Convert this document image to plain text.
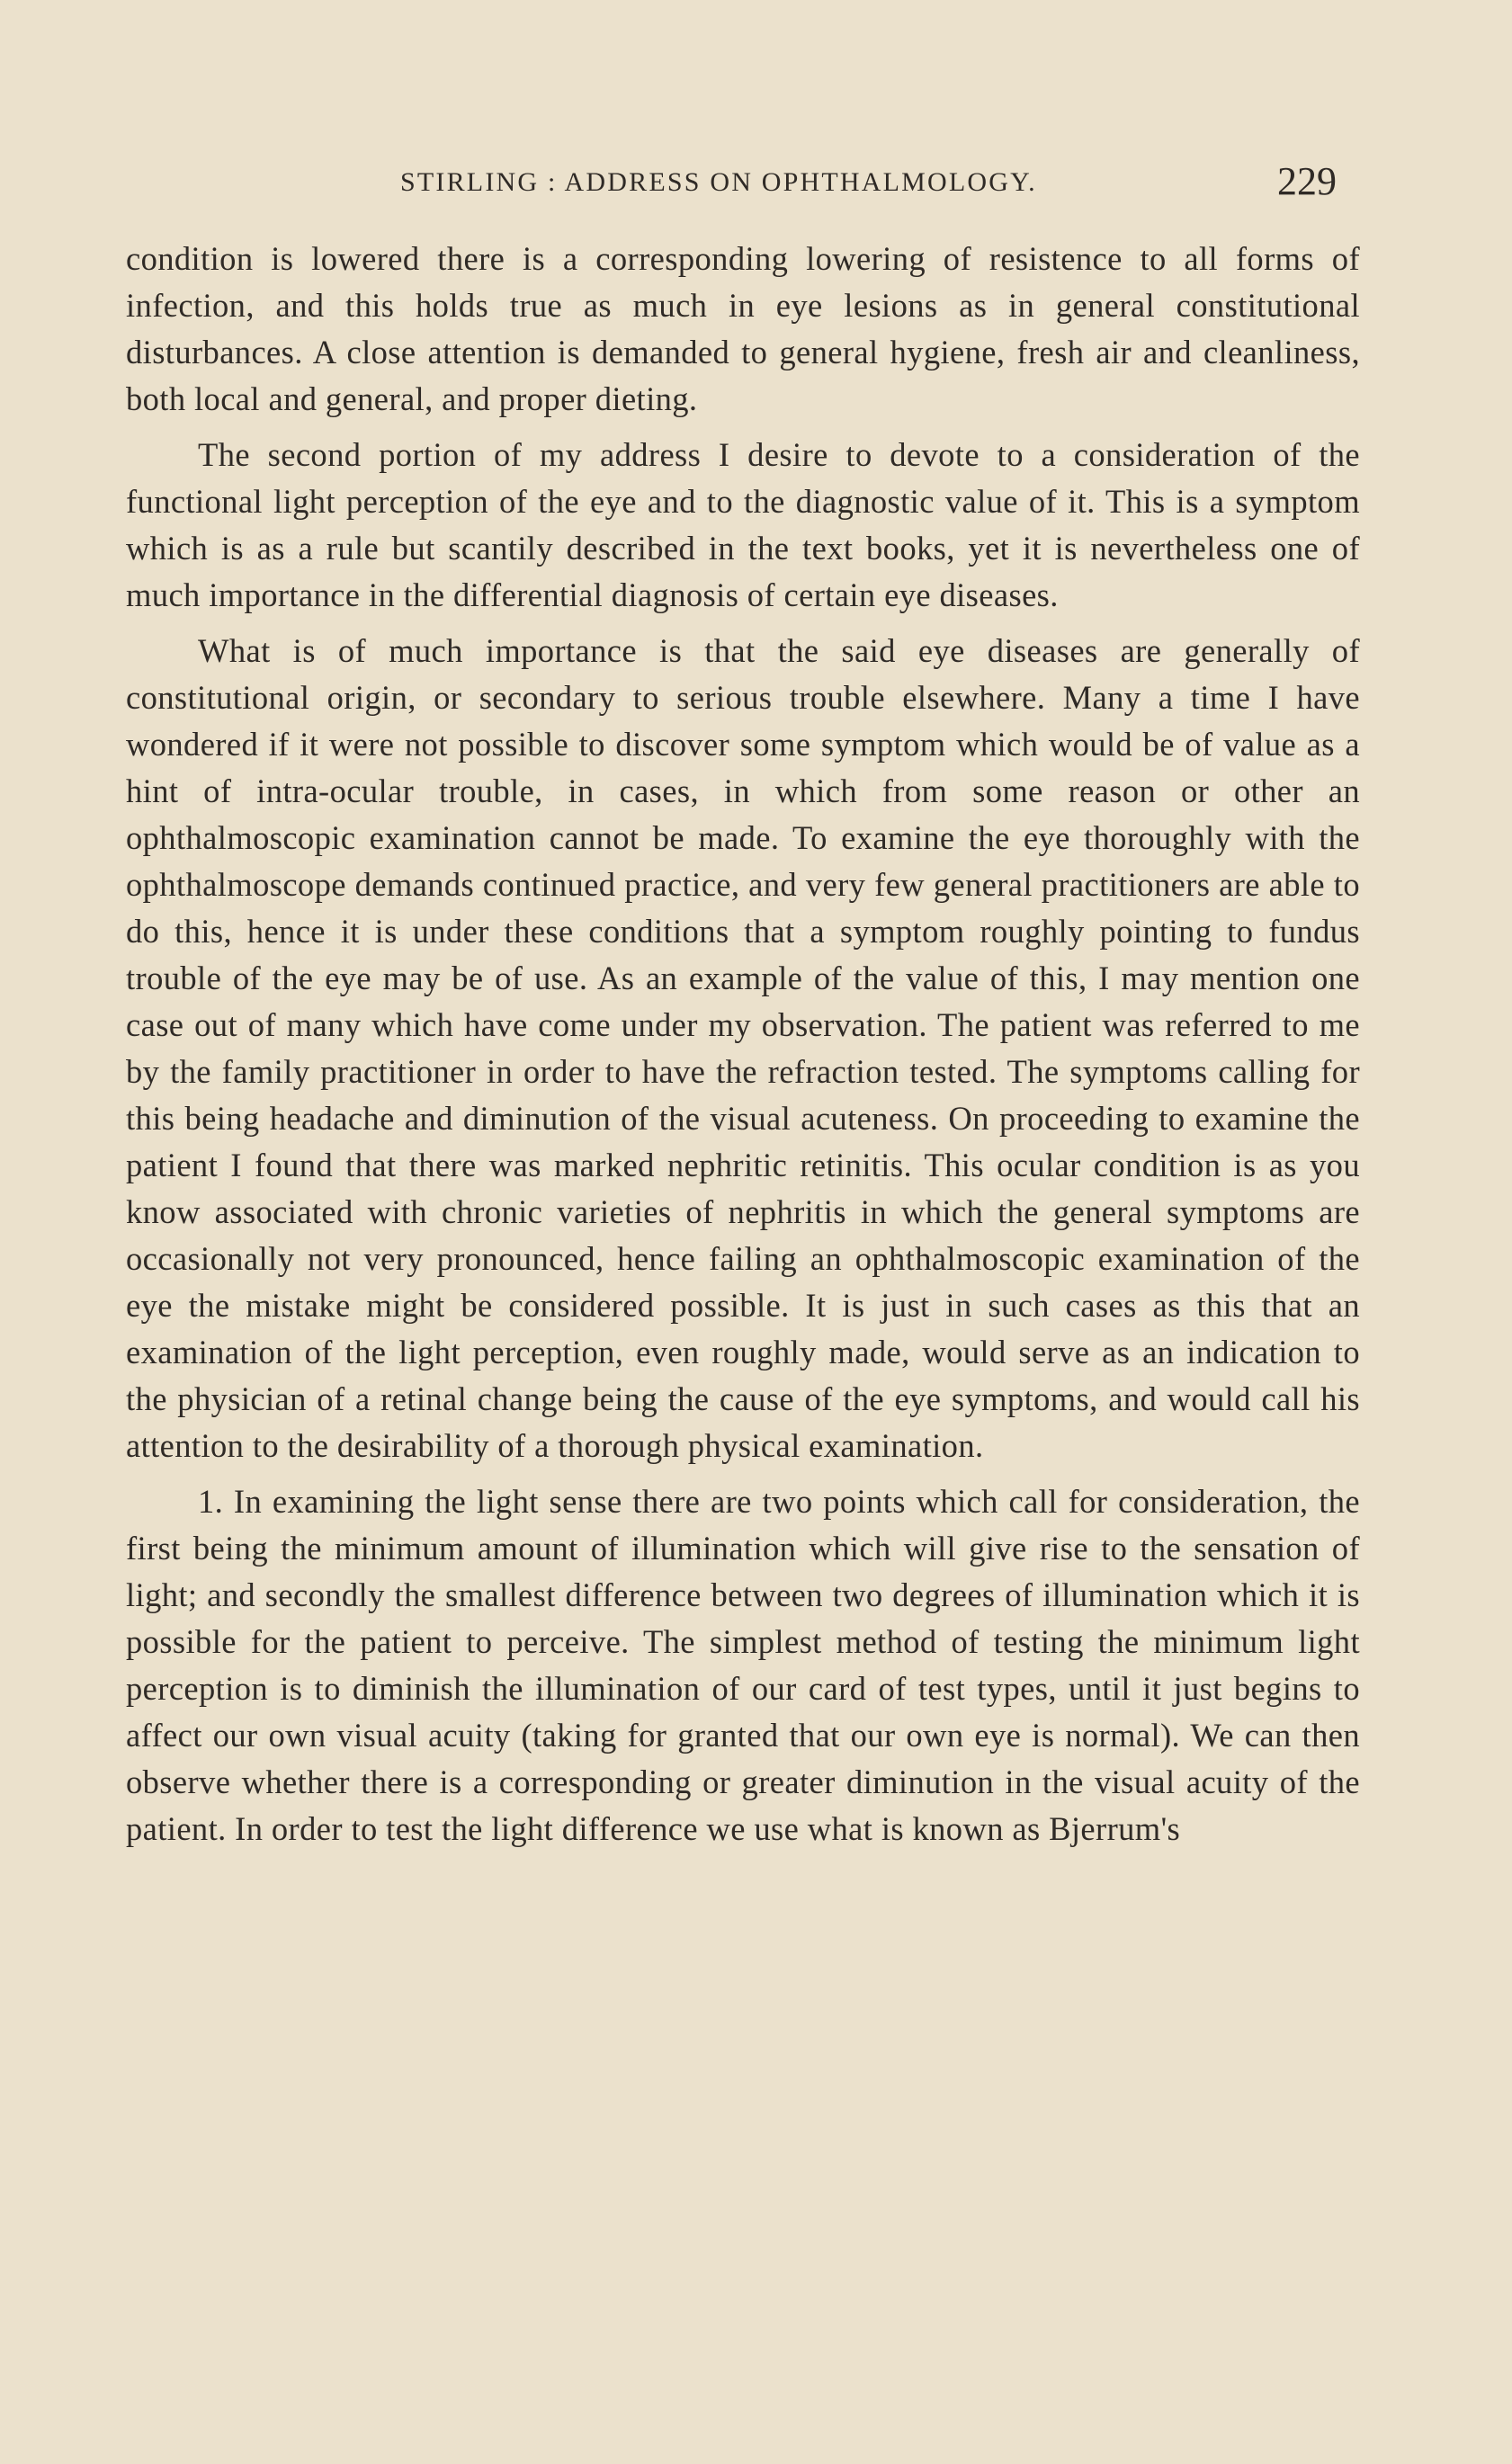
STIRLING : ADDRESS ON OPHTHALMOLOGY.	229

condition is lowered there is a corresponding lowering of resistence to all forms of infection, and this holds true as much in eye lesions as in general constitutional disturbances. A close attention is demanded to general hygiene, fresh air and cleanliness, both local and general, and proper dieting.

The second portion of my address I desire to devote to a consideration of the functional light perception of the eye and to the diagnostic value of it. This is a symptom which is as a rule but scantily described in the text books, yet it is nevertheless one of much importance in the differential diagnosis of certain eye diseases.

What is of much importance is that the said eye diseases are generally of constitutional origin, or secondary to serious trouble elsewhere. Many a time I have wondered if it were not possible to discover some symptom which would be of value as a hint of intra-ocular trouble, in cases, in which from some reason or other an ophthalmoscopic examination cannot be made. To examine the eye thoroughly with the ophthalmoscope demands continued practice, and very few general practitioners are able to do this, hence it is under these conditions that a symptom roughly pointing to fundus trouble of the eye may be of use. As an example of the value of this, I may mention one case out of many which have come under my observation. The patient was referred to me by the family practitioner in order to have the refraction tested. The symptoms calling for this being headache and diminution of the visual acuteness. On proceeding to examine the patient I found that there was marked nephritic retinitis. This ocular condition is as you know associated with chronic varieties of nephritis in which the general symptoms are occasionally not very pronounced, hence failing an ophthalmoscopic examination of the eye the mistake might be considered possible. It is just in such cases as this that an examination of the light perception, even roughly made, would serve as an indication to the physician of a retinal change being the cause of the eye symptoms, and would call his attention to the desirability of a thorough physical examination.

1. In examining the light sense there are two points which call for consideration, the first being the minimum amount of illumination which will give rise to the sensation of light; and secondly the smallest difference between two degrees of illumination which it is possible for the patient to perceive. The simplest method of testing the minimum light perception is to diminish the illumination of our card of test types, until it just begins to affect our own visual acuity (taking for granted that our own eye is normal). We can then observe whether there is a corresponding or greater diminution in the visual acuity of the patient. In order to test the light difference we use what is known as Bjerrum's
